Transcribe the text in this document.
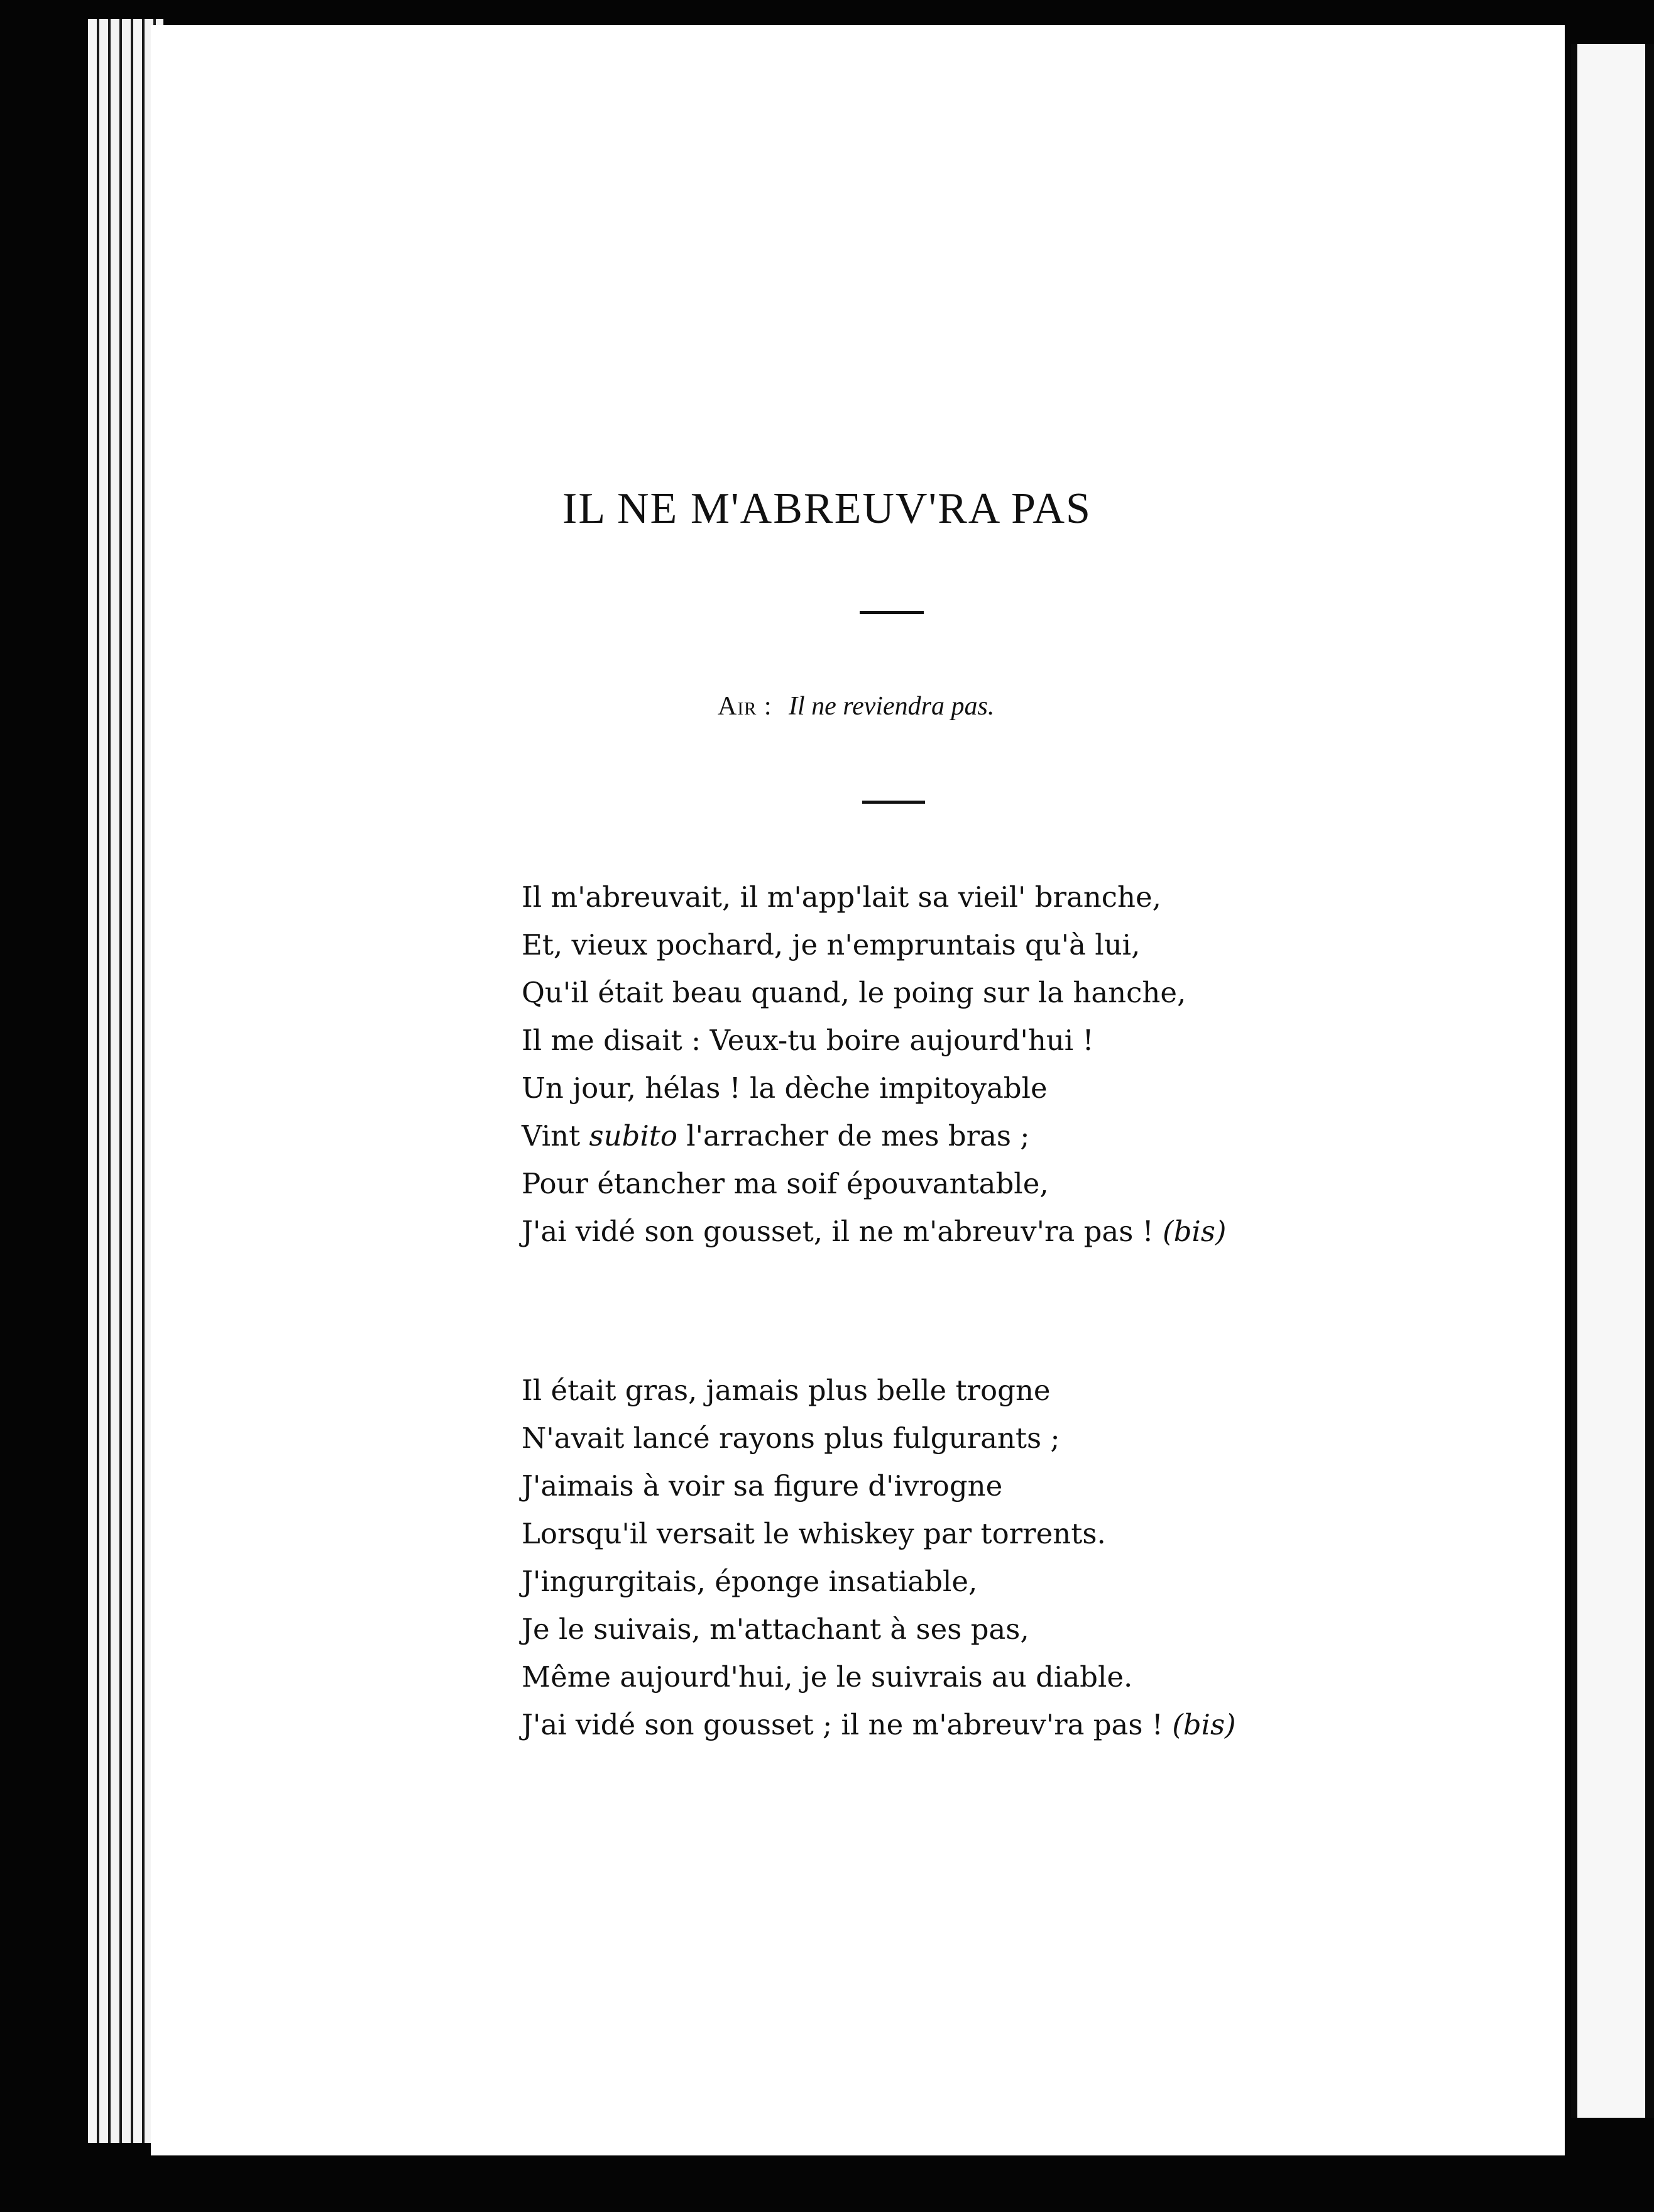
IL NE M'ABREUV'RA PAS
Air : Il ne reviendra pas.
Il m'abreuvait, il m'app'lait sa vieil' branche,
Et, vieux pochard, je n'empruntais qu'à lui,
Qu'il était beau quand, le poing sur la hanche,
Il me disait : Veux-tu boire aujourd'hui !
Un jour, hélas ! la dèche impitoyable
Vint subito l'arracher de mes bras ;
Pour étancher ma soif épouvantable,
J'ai vidé son gousset, il ne m'abreuv'ra pas ! (bis)
Il était gras, jamais plus belle trogne
N'avait lancé rayons plus fulgurants ;
J'aimais à voir sa figure d'ivrogne
Lorsqu'il versait le whiskey par torrents.
J'ingurgitais, éponge insatiable,
Je le suivais, m'attachant à ses pas,
Même aujourd'hui, je le suivrais au diable.
J'ai vidé son gousset ; il ne m'abreuv'ra pas ! (bis)
